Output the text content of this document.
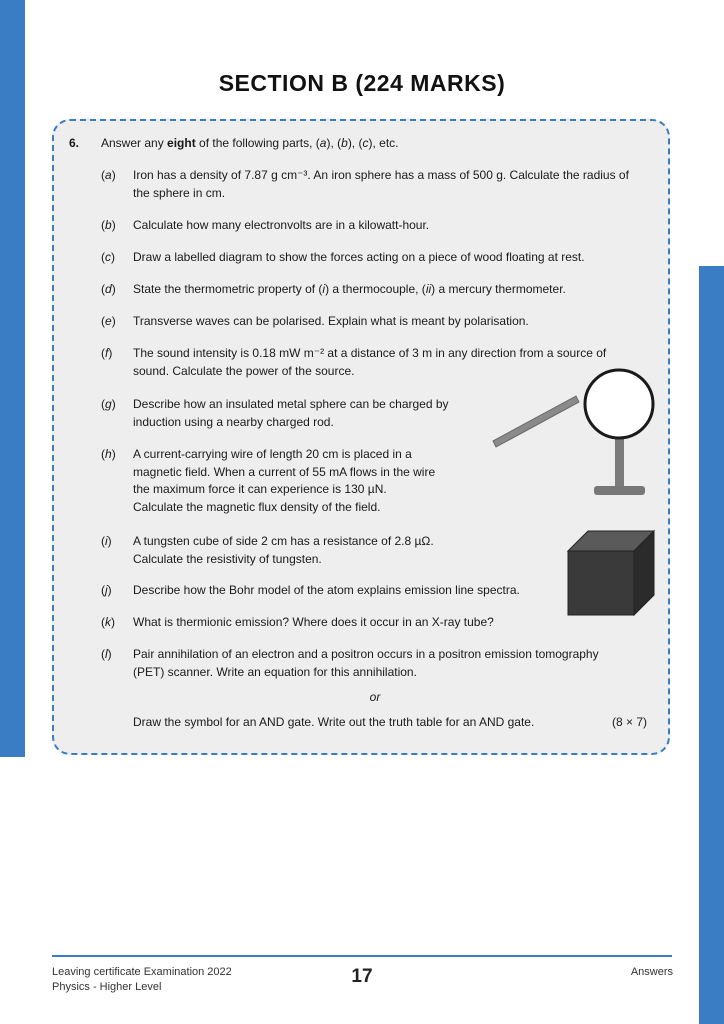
SECTION B (224 MARKS)
6. Answer any eight of the following parts, (a), (b), (c), etc.
(a) Iron has a density of 7.87 g cm⁻³. An iron sphere has a mass of 500 g. Calculate the radius of
the sphere in cm.
(b) Calculate how many electronvolts are in a kilowatt-hour.
(c) Draw a labelled diagram to show the forces acting on a piece of wood floating at rest.
(d) State the thermometric property of (i) a thermocouple, (ii) a mercury thermometer.
(e) Transverse waves can be polarised. Explain what is meant by polarisation.
(f) The sound intensity is 0.18 mW m⁻² at a distance of 3 m in any direction from a source of
sound. Calculate the power of the source.
(g) Describe how an insulated metal sphere can be charged by
induction using a nearby charged rod.
(h) A current-carrying wire of length 20 cm is placed in a
magnetic field. When a current of 55 mA flows in the wire
the maximum force it can experience is 130 µN.
Calculate the magnetic flux density of the field.
(i) A tungsten cube of side 2 cm has a resistance of 2.8 µΩ.
Calculate the resistivity of tungsten.
(j) Describe how the Bohr model of the atom explains emission line spectra.
(k) What is thermionic emission? Where does it occur in an X-ray tube?
(l) Pair annihilation of an electron and a positron occurs in a positron emission tomography
(PET) scanner. Write an equation for this annihilation.
or
Draw the symbol for an AND gate. Write out the truth table for an AND gate.	(8 × 7)
Leaving certificate Examination 2022
Physics - Higher Level	17	Answers
